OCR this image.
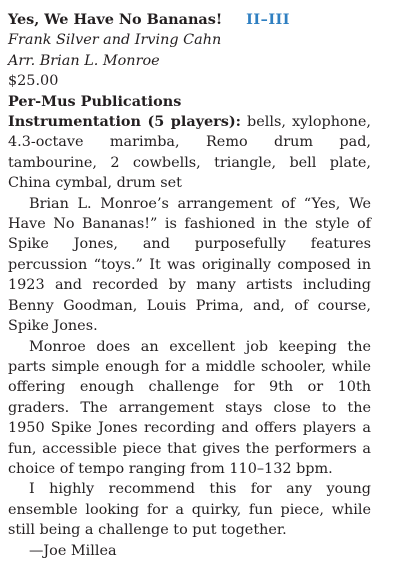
Yes, We Have No Bananas! II–III
Frank Silver and Irving Cahn
Arr. Brian L. Monroe
$25.00
Per-Mus Publications
Instrumentation (5 players): bells, xylophone, 4.3-octave marimba, Remo drum pad, tambourine, 2 cowbells, triangle, bell plate, China cymbal, drum set

Brian L. Monroe’s arrangement of “Yes, We Have No Bananas!” is fashioned in the style of Spike Jones, and purposefully features percussion “toys.” It was originally composed in 1923 and recorded by many artists including Benny Goodman, Louis Prima, and, of course, Spike Jones.

Monroe does an excellent job keeping the parts simple enough for a middle schooler, while offering enough challenge for 9th or 10th graders. The arrangement stays close to the 1950 Spike Jones recording and offers players a fun, accessible piece that gives the performers a choice of tempo ranging from 110–132 bpm.

I highly recommend this for any young ensemble looking for a quirky, fun piece, while still being a challenge to put together.

—Joe Millea
